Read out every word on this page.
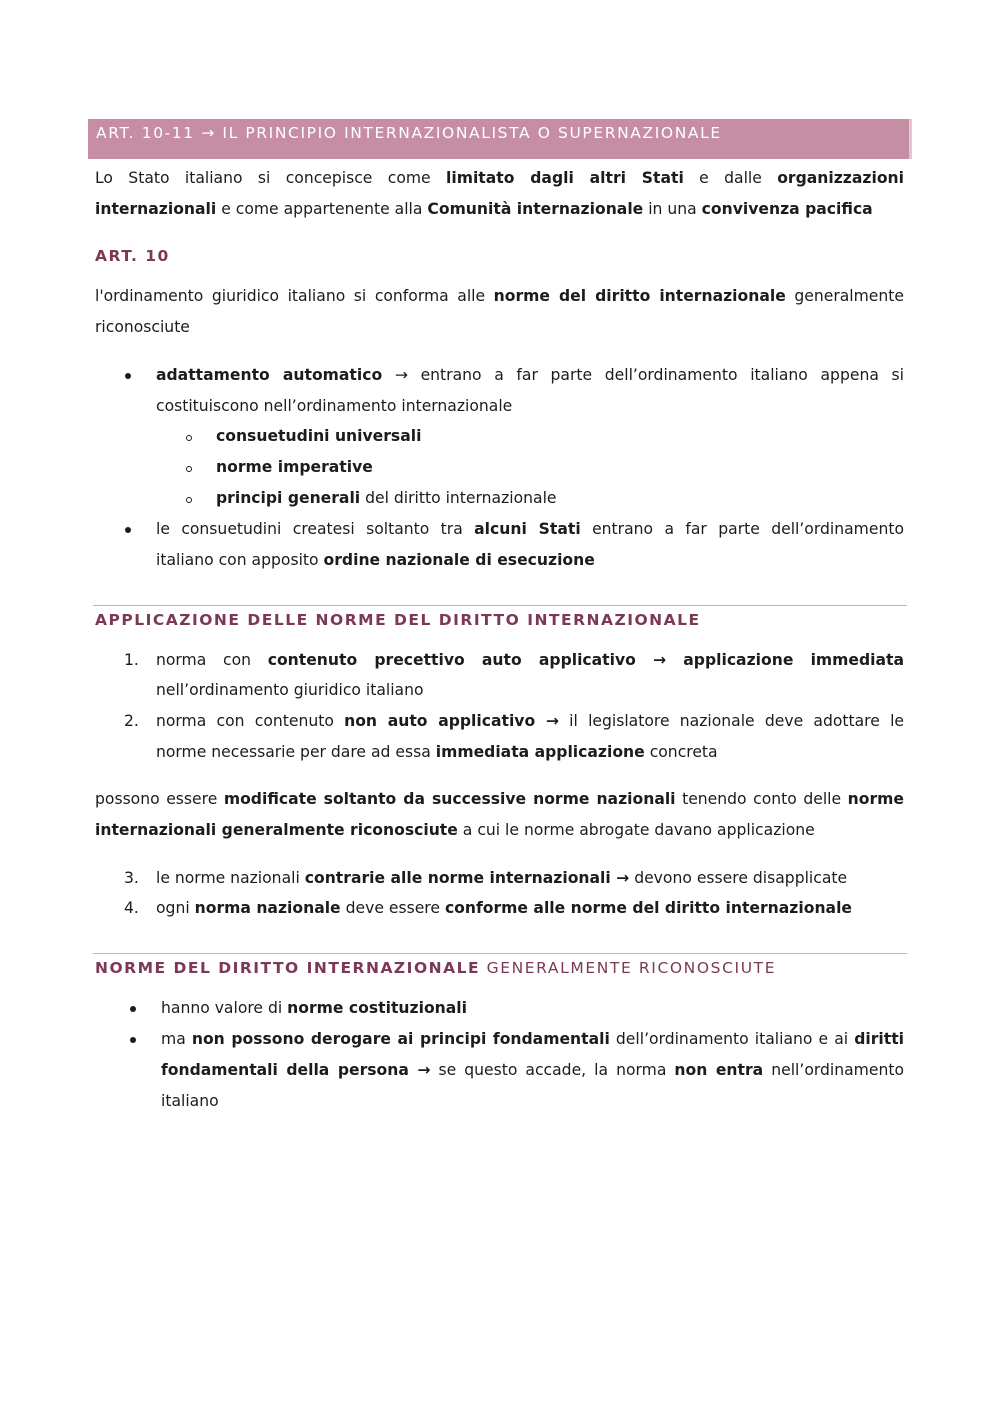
ART. 10-11 → IL PRINCIPIO INTERNAZIONALISTA O SUPERNAZIONALE
Lo Stato italiano si concepisce come limitato dagli altri Stati e dalle organizzazioni
internazionali e come appartenente alla Comunità internazionale in una convivenza pacifica
ART. 10
l'ordinamento giuridico italiano si conforma alle norme del diritto internazionale generalmente
riconosciute
adattamento automatico → entrano a far parte dell’ordinamento italiano appena si
costituiscono nell’ordinamento internazionale
consuetudini universali
norme imperative
principi generali del diritto internazionale
le consuetudini createsi soltanto tra alcuni Stati entrano a far parte dell’ordinamento
italiano con apposito ordine nazionale di esecuzione
APPLICAZIONE DELLE NORME DEL DIRITTO INTERNAZIONALE
1. norma con contenuto precettivo auto applicativo → applicazione immediata
nell’ordinamento giuridico italiano
2. norma con contenuto non auto applicativo → il legislatore nazionale deve adottare le
norme necessarie per dare ad essa immediata applicazione concreta
possono essere modificate soltanto da successive norme nazionali tenendo conto delle norme
internazionali generalmente riconosciute a cui le norme abrogate davano applicazione
3. le norme nazionali contrarie alle norme internazionali → devono essere disapplicate
4. ogni norma nazionale deve essere conforme alle norme del diritto internazionale
NORME DEL DIRITTO INTERNAZIONALE GENERALMENTE RICONOSCIUTE
hanno valore di norme costituzionali
ma non possono derogare ai principi fondamentali dell’ordinamento italiano e ai diritti
fondamentali della persona → se questo accade, la norma non entra nell’ordinamento
italiano
